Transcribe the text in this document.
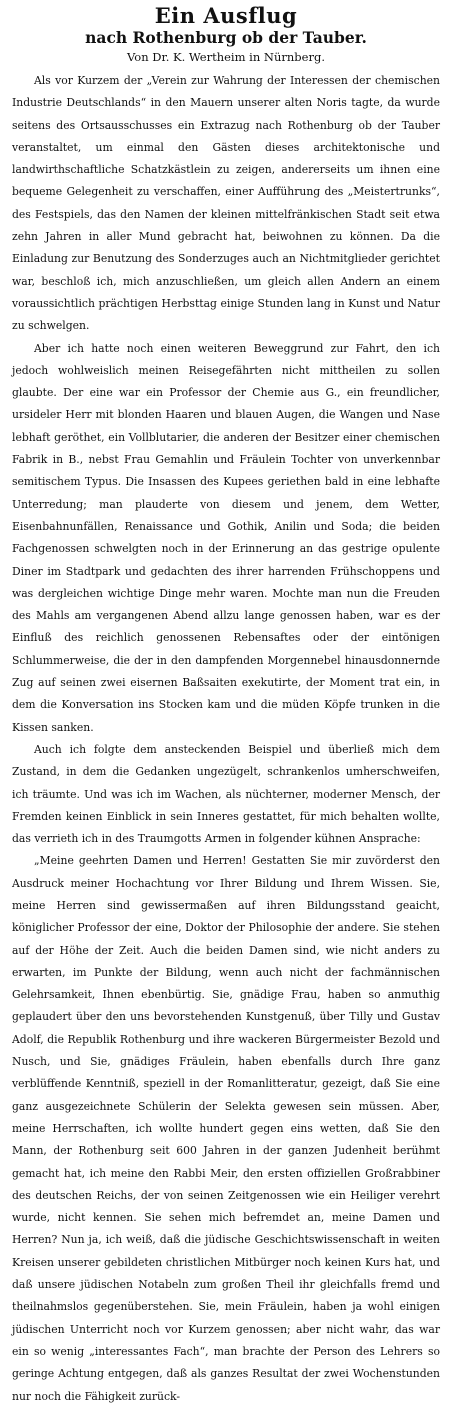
Ein Ausflug
nach Rothenburg ob der Tauber.

Von Dr. K. Wertheim in Nürnberg.

Als vor Kurzem der „Verein zur Wahrung der Interessen der chemischen Industrie Deutschlands“ in den Mauern unserer alten Noris tagte, da wurde seitens des Ortsausschusses ein Extrazug nach Rothenburg ob der Tauber veranstaltet, um einmal den Gästen dieses architektonische und landwirthschaftliche Schatzkästlein zu zeigen, andererseits um ihnen eine bequeme Gelegenheit zu verschaffen, einer Aufführung des „Meistertrunks“, des Festspiels, das den Namen der kleinen mittelfränkischen Stadt seit etwa zehn Jahren in aller Mund gebracht hat, beiwohnen zu können. Da die Einladung zur Benutzung des Sonderzuges auch an Nichtmitglieder gerichtet war, beschloß ich, mich anzuschließen, um gleich allen Andern an einem voraussichtlich prächtigen Herbsttag einige Stunden lang in Kunst und Natur zu schwelgen.

Aber ich hatte noch einen weiteren Beweggrund zur Fahrt, den ich jedoch wohlweislich meinen Reisegefährten nicht mittheilen zu sollen glaubte. Der eine war ein Professor der Chemie aus G., ein freundlicher, ursideler Herr mit blonden Haaren und blauen Augen, die Wangen und Nase lebhaft geröthet, ein Vollblutarier, die anderen der Besitzer einer chemischen Fabrik in B., nebst Frau Gemahlin und Fräulein Tochter von unverkennbar semitischem Typus. Die Insassen des Kupees geriethen bald in eine lebhafte Unterredung; man plauderte von diesem und jenem, dem Wetter, Eisenbahnunfällen, Renaissance und Gothik, Anilin und Soda; die beiden Fachgenossen schwelgten noch in der Erinnerung an das gestrige opulente Diner im Stadtpark und gedachten des ihrer harrenden Frühschoppens und was dergleichen wichtige Dinge mehr waren. Mochte man nun die Freuden des Mahls am vergangenen Abend allzu lange genossen haben, war es der Einfluß des reichlich genossenen Rebensaftes oder der eintönigen Schlummerweise, die der in den dampfenden Morgennebel hinausdonnernde Zug auf seinen zwei eisernen Baßsaiten exekutirte, der Moment trat ein, in dem die Konversation ins Stocken kam und die müden Köpfe trunken in die Kissen sanken.

Auch ich folgte dem ansteckenden Beispiel und überließ mich dem Zustand, in dem die Gedanken ungezügelt, schrankenlos umherschweifen, ich träumte. Und was ich im Wachen, als nüchterner, moderner Mensch, der Fremden keinen Einblick in sein Inneres gestattet, für mich behalten wollte, das verrieth ich in des Traumgotts Armen in folgender kühnen Ansprache:

„Meine geehrten Damen und Herren! Gestatten Sie mir zuvörderst den Ausdruck meiner Hochachtung vor Ihrer Bildung und Ihrem Wissen. Sie, meine Herren sind gewissermaßen auf ihren Bildungsstand geaicht, königlicher Professor der eine, Doktor der Philosophie der andere. Sie stehen auf der Höhe der Zeit. Auch die beiden Damen sind, wie nicht anders zu erwarten, im Punkte der Bildung, wenn auch nicht der fachmännischen Gelehrsamkeit, Ihnen ebenbürtig. Sie, gnädige Frau, haben so anmuthig geplaudert über den uns bevorstehenden Kunstgenuß, über Tilly und Gustav Adolf, die Republik Rothenburg und ihre wackeren Bürgermeister Bezold und Nusch, und Sie, gnädiges Fräulein, haben ebenfalls durch Ihre ganz verblüffende Kenntniß, speziell in der Romanlitteratur, gezeigt, daß Sie eine ganz ausgezeichnete Schülerin der Selekta gewesen sein müssen. Aber, meine Herrschaften, ich wollte hundert gegen eins wetten, daß Sie den Mann, der Rothenburg seit 600 Jahren in der ganzen Judenheit berühmt gemacht hat, ich meine den Rabbi Meir, den ersten offiziellen Großrabbiner des deutschen Reichs, der von seinen Zeitgenossen wie ein Heiliger verehrt wurde, nicht kennen. Sie sehen mich befremdet an, meine Damen und Herren? Nun ja, ich weiß, daß die jüdische Geschichtswissenschaft in weiten Kreisen unserer gebildeten christlichen Mitbürger noch keinen Kurs hat, und daß unsere jüdischen Notabeln zum großen Theil ihr gleichfalls fremd und theilnahmslos gegenüberstehen. Sie, mein Fräulein, haben ja wohl einigen jüdischen Unterricht noch vor Kurzem genossen; aber nicht wahr, das war ein so wenig „interessantes Fach“, man brachte der Person des Lehrers so geringe Achtung entgegen, daß als ganzes Resultat der zwei Wochenstunden nur noch die Fähigkeit zurück-
